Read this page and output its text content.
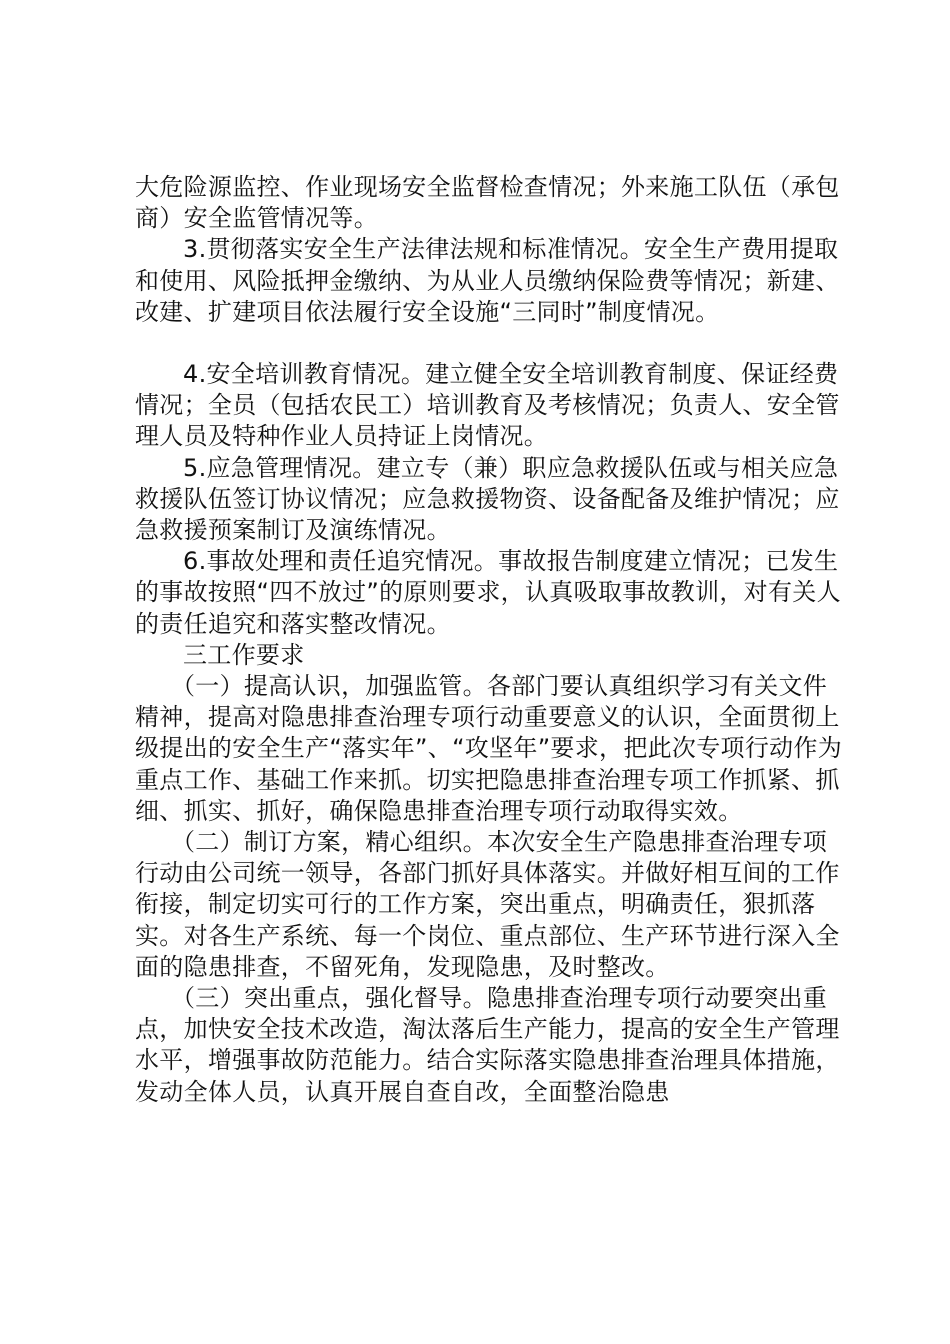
大危险源监控、作业现场安全监督检查情况；外来施工队伍（承包商）安全监管情况等。

3.贯彻落实安全生产法律法规和标准情况。安全生产费用提取和使用、风险抵押金缴纳、为从业人员缴纳保险费等情况；新建、改建、扩建项目依法履行安全设施“三同时”制度情况。

4.安全培训教育情况。建立健全安全培训教育制度、保证经费情况；全员（包括农民工）培训教育及考核情况；负责人、安全管理人员及特种作业人员持证上岗情况。

5.应急管理情况。建立专（兼）职应急救援队伍或与相关应急救援队伍签订协议情况；应急救援物资、设备配备及维护情况；应急救援预案制订及演练情况。

6.事故处理和责任追究情况。事故报告制度建立情况；已发生的事故按照“四不放过”的原则要求，认真吸取事故教训，对有关人的责任追究和落实整改情况。

三工作要求

（一）提高认识，加强监管。各部门要认真组织学习有关文件精神，提高对隐患排查治理专项行动重要意义的认识，全面贯彻上级提出的安全生产“落实年”、“攻坚年”要求，把此次专项行动作为重点工作、基础工作来抓。切实把隐患排查治理专项工作抓紧、抓细、抓实、抓好，确保隐患排查治理专项行动取得实效。

（二）制订方案，精心组织。本次安全生产隐患排查治理专项行动由公司统一领导，各部门抓好具体落实。并做好相互间的工作衔接，制定切实可行的工作方案，突出重点，明确责任，狠抓落实。对各生产系统、每一个岗位、重点部位、生产环节进行深入全面的隐患排查，不留死角，发现隐患，及时整改。

（三）突出重点，强化督导。隐患排查治理专项行动要突出重点，加快安全技术改造，淘汰落后生产能力，提高的安全生产管理水平，增强事故防范能力。结合实际落实隐患排查治理具体措施，发动全体人员，认真开展自查自改，全面整治隐患
